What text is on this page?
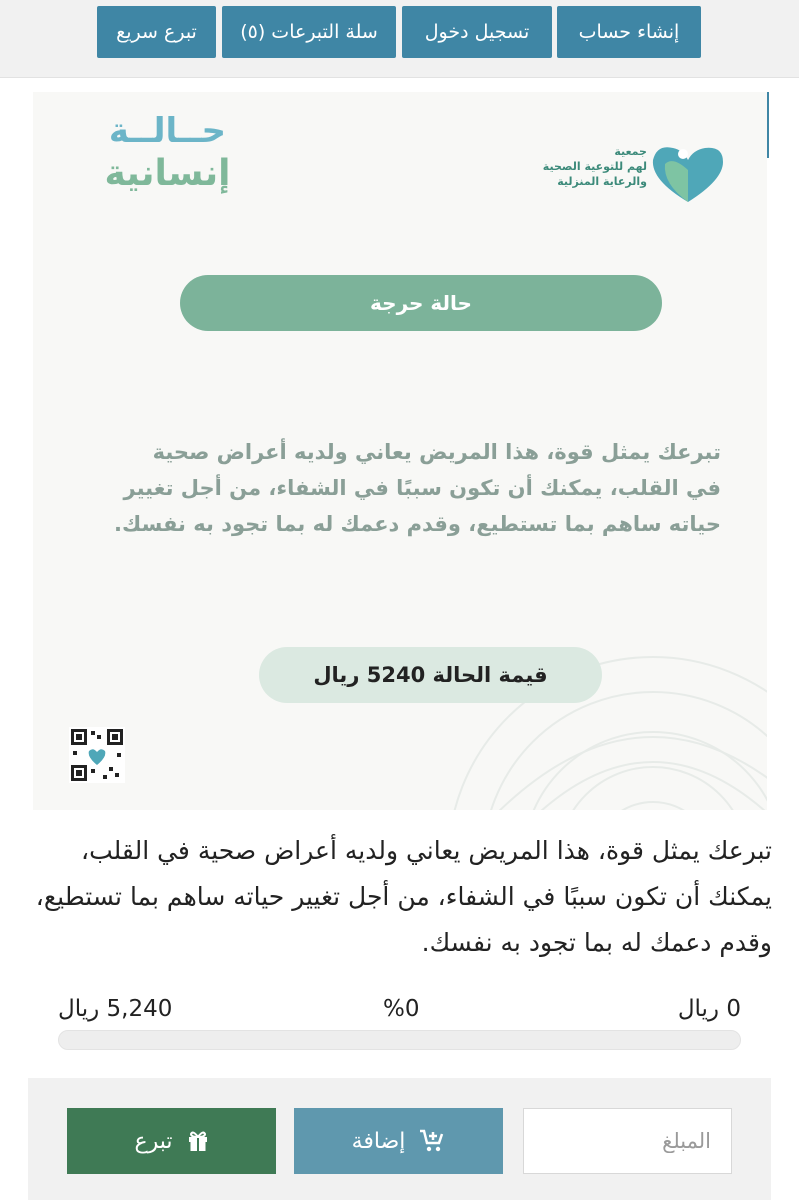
إنشاء حساب
تسجيل دخول
سلة التبرعات (٥)
تبرع سريع
حــالــة
إنسانية
جمعية
لهم للتوعية الصحية
والرعاية المنزلية
حالة حرجة
تبرعك يمثل قوة، هذا المريض يعاني ولديه أعراض صحية في القلب، يمكنك أن تكون سببًا في الشفاء، من أجل تغيير حياته ساهم بما تستطيع، وقدم دعمك له بما تجود به نفسك.
قيمة الحالة 5240 ريال
تبرعك يمثل قوة، هذا المريض يعاني ولديه أعراض صحية في القلب، يمكنك أن تكون سببًا في الشفاء، من أجل تغيير حياته ساهم بما تستطيع، وقدم دعمك له بما تجود به نفسك.
0 ريال
%0
5,240 ريال
المبلغ
إضافة
تبرع
